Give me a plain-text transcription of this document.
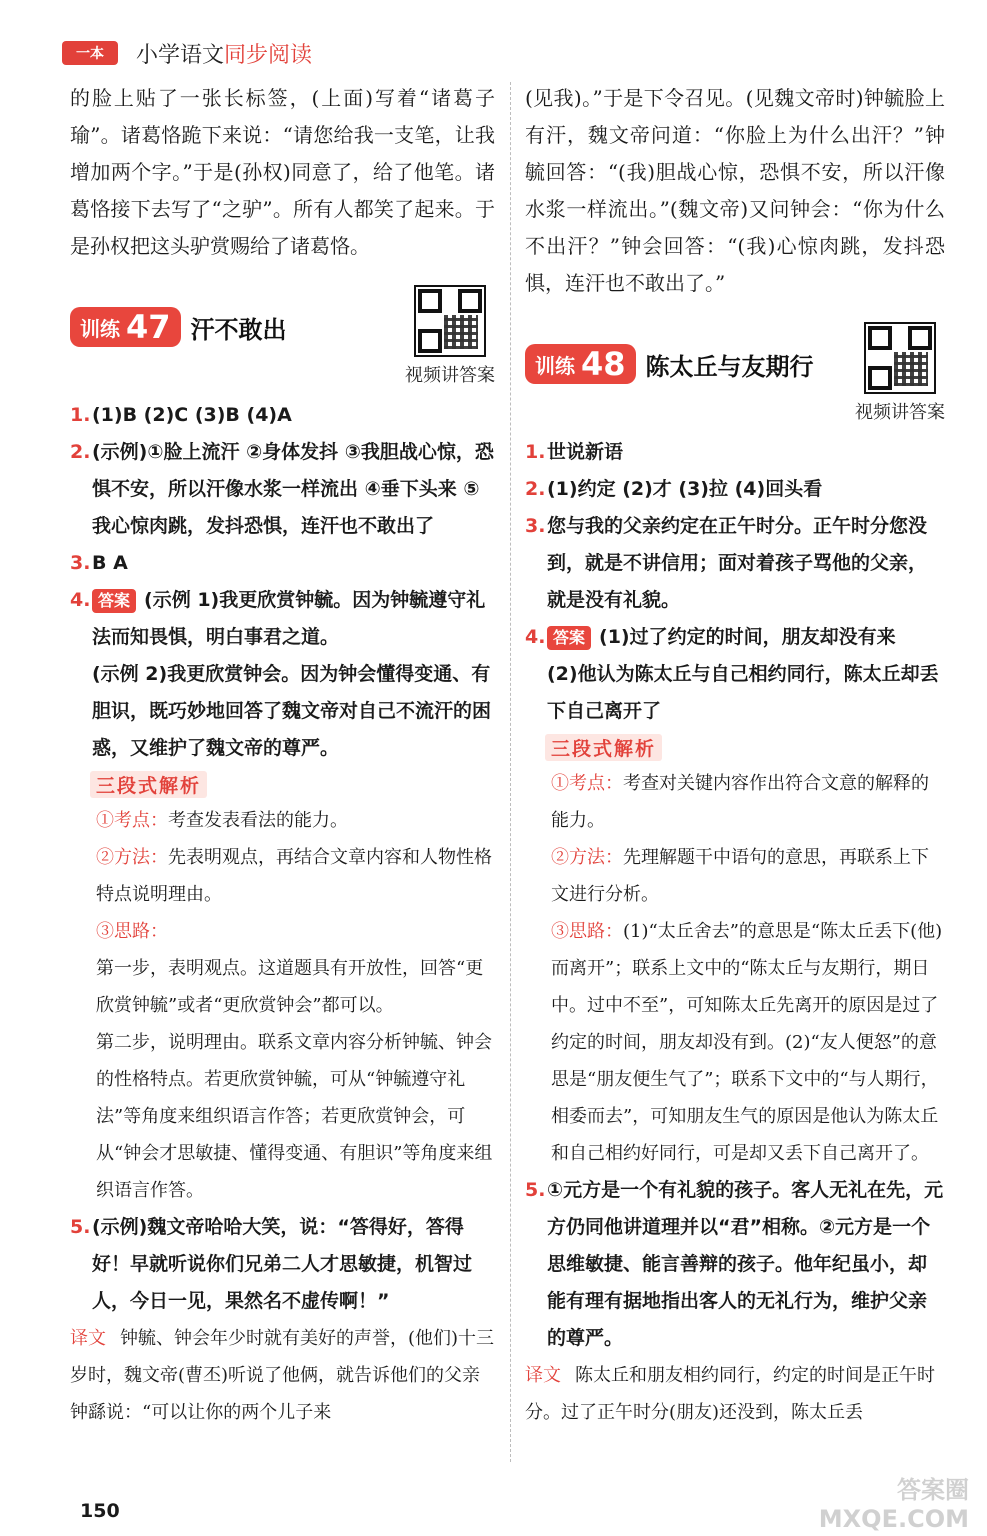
一本	小学语文同步阅读

的脸上贴了一张长标签，(上面)写着“诸葛子瑜”。诸葛恪跪下来说：“请您给我一支笔，让我增加两个字。”于是(孙权)同意了，给了他笔。诸葛恪接下去写了“之驴”。所有人都笑了起来。于是孙权把这头驴赏赐给了诸葛恪。

训练 47 汗不敢出
视频讲答案
1. (1)B (2)C (3)B (4)A
2. (示例)①脸上流汗 ②身体发抖 ③我胆战心惊，恐惧不安，所以汗像水浆一样流出 ④垂下头来 ⑤我心惊肉跳，发抖恐惧，连汗也不敢出了
3. B A
4. 答案 (示例 1)我更欣赏钟毓。因为钟毓遵守礼法而知畏惧，明白事君之道。
(示例 2)我更欣赏钟会。因为钟会懂得变通、有胆识，既巧妙地回答了魏文帝对自己不流汗的困惑，又维护了魏文帝的尊严。
三段式解析

①考点：考查发表看法的能力。

②方法：先表明观点，再结合文章内容和人物性格特点说明理由。

③思路：
第一步，表明观点。这道题具有开放性，回答“更欣赏钟毓”或者“更欣赏钟会”都可以。
第二步，说明理由。联系文章内容分析钟毓、钟会的性格特点。若更欣赏钟毓，可从“钟毓遵守礼法”等角度来组织语言作答；若更欣赏钟会，可从“钟会才思敏捷、懂得变通、有胆识”等角度来组织语言作答。

5. (示例)魏文帝哈哈大笑，说：“答得好，答得好！早就听说你们兄弟二人才思敏捷，机智过人，今日一见，果然名不虚传啊！”

译文 钟毓、钟会年少时就有美好的声誉，(他们)十三岁时，魏文帝(曹丕)听说了他俩，就告诉他们的父亲钟繇说：“可以让你的两个儿子来

(见我)。”于是下令召见。(见魏文帝时)钟毓脸上有汗，魏文帝问道：“你脸上为什么出汗？”钟毓回答：“(我)胆战心惊，恐惧不安，所以汗像水浆一样流出。”(魏文帝)又问钟会：“你为什么不出汗？”钟会回答：“(我)心惊肉跳，发抖恐惧，连汗也不敢出了。”

训练 48 陈太丘与友期行
视频讲答案
1. 世说新语
2. (1)约定 (2)才 (3)拉 (4)回头看
3. 您与我的父亲约定在正午时分。正午时分您没到，就是不讲信用；面对着孩子骂他的父亲，就是没有礼貌。
4. 答案 (1)过了约定的时间，朋友却没有来
(2)他认为陈太丘与自己相约同行，陈太丘却丢下自己离开了
三段式解析

①考点：考查对关键内容作出符合文意的解释的能力。

②方法：先理解题干中语句的意思，再联系上下文进行分析。

③思路：(1)“太丘舍去”的意思是“陈太丘丢下(他)而离开”；联系上文中的“陈太丘与友期行，期日中。过中不至”，可知陈太丘先离开的原因是过了约定的时间，朋友却没有到。(2)“友人便怒”的意思是“朋友便生气了”；联系下文中的“与人期行，相委而去”，可知朋友生气的原因是他认为陈太丘和自己相约好同行，可是却又丢下自己离开了。

5. ①元方是一个有礼貌的孩子。客人无礼在先，元方仍同他讲道理并以“君”相称。②元方是一个思维敏捷、能言善辩的孩子。他年纪虽小，却能有理有据地指出客人的无礼行为，维护父亲的尊严。

译文 陈太丘和朋友相约同行，约定的时间是正午时分。过了正午时分(朋友)还没到，陈太丘丢

150
答案圈 MXQE.COM
